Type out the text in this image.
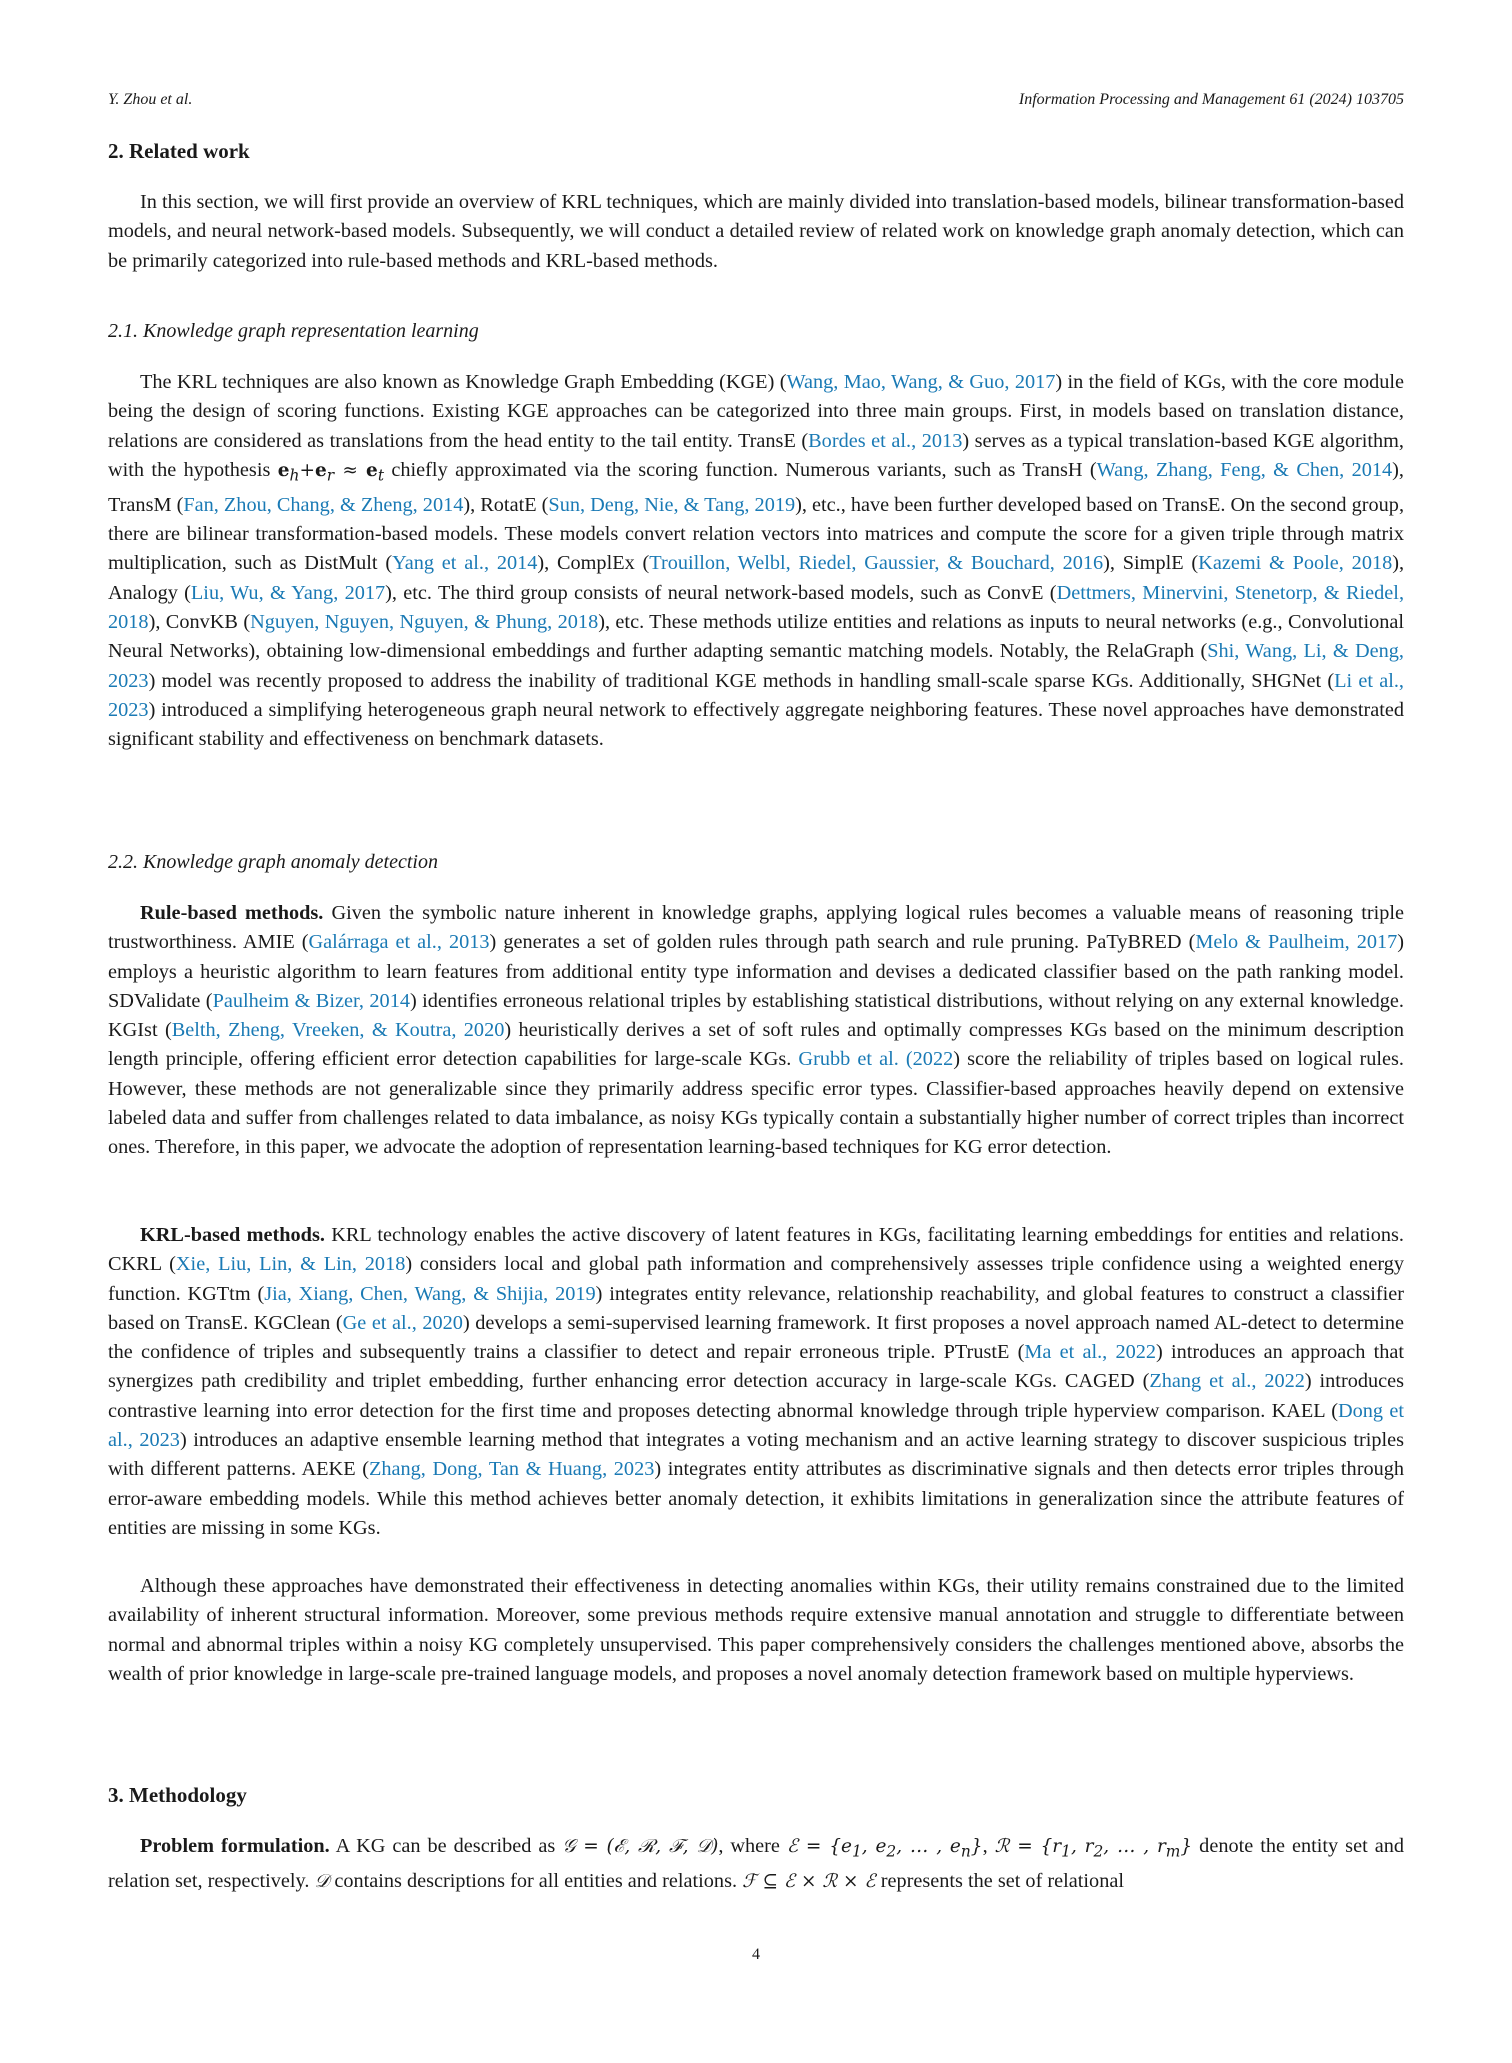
Y. Zhou et al.	Information Processing and Management 61 (2024) 103705
2. Related work

In this section, we will first provide an overview of KRL techniques, which are mainly divided into translation-based models, bilinear transformation-based models, and neural network-based models. Subsequently, we will conduct a detailed review of related work on knowledge graph anomaly detection, which can be primarily categorized into rule-based methods and KRL-based methods.

2.1. Knowledge graph representation learning

The KRL techniques are also known as Knowledge Graph Embedding (KGE) (Wang, Mao, Wang, & Guo, 2017) in the field of KGs, with the core module being the design of scoring functions. Existing KGE approaches can be categorized into three main groups. First, in models based on translation distance, relations are considered as translations from the head entity to the tail entity. TransE (Bordes et al., 2013) serves as a typical translation-based KGE algorithm, with the hypothesis $e_h+e_r \approx e_t$ chiefly approximated via the scoring function. Numerous variants, such as TransH (Wang, Zhang, Feng, & Chen, 2014), TransM (Fan, Zhou, Chang, & Zheng, 2014), RotatE (Sun, Deng, Nie, & Tang, 2019), etc., have been further developed based on TransE. On the second group, there are bilinear transformation-based models. These models convert relation vectors into matrices and compute the score for a given triple through matrix multiplication, such as DistMult (Yang et al., 2014), ComplEx (Trouillon, Welbl, Riedel, Gaussier, & Bouchard, 2016), SimplE (Kazemi & Poole, 2018), Analogy (Liu, Wu, & Yang, 2017), etc. The third group consists of neural network-based models, such as ConvE (Dettmers, Minervini, Stenetorp, & Riedel, 2018), ConvKB (Nguyen, Nguyen, Nguyen, & Phung, 2018), etc. These methods utilize entities and relations as inputs to neural networks (e.g., Convolutional Neural Networks), obtaining low-dimensional embeddings and further adapting semantic matching models. Notably, the RelaGraph (Shi, Wang, Li, & Deng, 2023) model was recently proposed to address the inability of traditional KGE methods in handling small-scale sparse KGs. Additionally, SHGNet (Li et al., 2023) introduced a simplifying heterogeneous graph neural network to effectively aggregate neighboring features. These novel approaches have demonstrated significant stability and effectiveness on benchmark datasets.

2.2. Knowledge graph anomaly detection

Rule-based methods. Given the symbolic nature inherent in knowledge graphs, applying logical rules becomes a valuable means of reasoning triple trustworthiness. AMIE (Galárraga et al., 2013) generates a set of golden rules through path search and rule pruning. PaTyBRED (Melo & Paulheim, 2017) employs a heuristic algorithm to learn features from additional entity type information and devises a dedicated classifier based on the path ranking model. SDValidate (Paulheim & Bizer, 2014) identifies erroneous relational triples by establishing statistical distributions, without relying on any external knowledge. KGIst (Belth, Zheng, Vreeken, & Koutra, 2020) heuristically derives a set of soft rules and optimally compresses KGs based on the minimum description length principle, offering efficient error detection capabilities for large-scale KGs. Grubb et al. (2022) score the reliability of triples based on logical rules. However, these methods are not generalizable since they primarily address specific error types. Classifier-based approaches heavily depend on extensive labeled data and suffer from challenges related to data imbalance, as noisy KGs typically contain a substantially higher number of correct triples than incorrect ones. Therefore, in this paper, we advocate the adoption of representation learning-based techniques for KG error detection.

KRL-based methods. KRL technology enables the active discovery of latent features in KGs, facilitating learning embeddings for entities and relations. CKRL (Xie, Liu, Lin, & Lin, 2018) considers local and global path information and comprehensively assesses triple confidence using a weighted energy function. KGTtm (Jia, Xiang, Chen, Wang, & Shijia, 2019) integrates entity relevance, relationship reachability, and global features to construct a classifier based on TransE. KGClean (Ge et al., 2020) develops a semi-supervised learning framework. It first proposes a novel approach named AL-detect to determine the confidence of triples and subsequently trains a classifier to detect and repair erroneous triple. PTrustE (Ma et al., 2022) introduces an approach that synergizes path credibility and triplet embedding, further enhancing error detection accuracy in large-scale KGs. CAGED (Zhang et al., 2022) introduces contrastive learning into error detection for the first time and proposes detecting abnormal knowledge through triple hyperview comparison. KAEL (Dong et al., 2023) introduces an adaptive ensemble learning method that integrates a voting mechanism and an active learning strategy to discover suspicious triples with different patterns. AEKE (Zhang, Dong, Tan & Huang, 2023) integrates entity attributes as discriminative signals and then detects error triples through error-aware embedding models. While this method achieves better anomaly detection, it exhibits limitations in generalization since the attribute features of entities are missing in some KGs.

Although these approaches have demonstrated their effectiveness in detecting anomalies within KGs, their utility remains constrained due to the limited availability of inherent structural information. Moreover, some previous methods require extensive manual annotation and struggle to differentiate between normal and abnormal triples within a noisy KG completely unsupervised. This paper comprehensively considers the challenges mentioned above, absorbs the wealth of prior knowledge in large-scale pre-trained language models, and proposes a novel anomaly detection framework based on multiple hyperviews.

3. Methodology

Problem formulation. A KG can be described as 𝒢 = (ℰ, ℛ, ℱ, 𝒟), where ℰ = {$e_1$, $e_2$, … , $e_n$}, ℛ = {$r_1$, $r_2$, … , $r_m$} denote the entity set and relation set, respectively. 𝒟 contains descriptions for all entities and relations. ℱ ⊆ ℰ × ℛ × ℰ represents the set of relational

4
